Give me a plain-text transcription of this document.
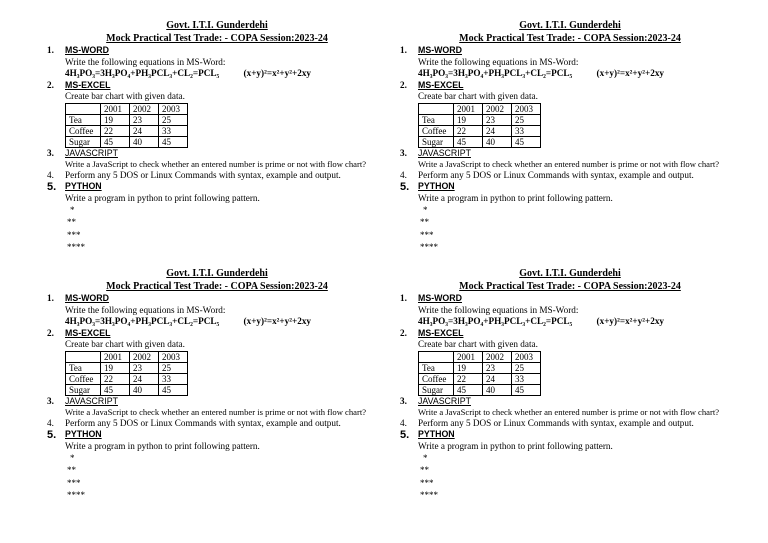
Govt. I.T.I. Gunderdehi
Mock Practical Test Trade: - COPA Session:2023-24
1. MS-WORD
Write the following equations in MS-Word:
4H₃PO₃=3H₃PO₄+PH₃PCL₃+CL₂=PCL₅	(x+y)²=x²+y²+2xy
2. MS-EXCEL
Create bar chart with given data.
	2001	2002	2003
Tea	19	23	25
Coffee	22	24	33
Sugar	45	40	45
3. JAVASCRIPT
Write a JavaScript to check whether an entered number is prime or not with flow chart?
4. Perform any 5 DOS or Linux Commands with syntax, example and output.
5. PYTHON
Write a program in python to print following pattern.
*
**
***
****
Govt. I.T.I. Gunderdehi
Mock Practical Test Trade: - COPA Session:2023-24
1. MS-WORD
Write the following equations in MS-Word:
4H₃PO₃=3H₃PO₄+PH₃PCL₃+CL₂=PCL₅	(x+y)²=x²+y²+2xy
2. MS-EXCEL
Create bar chart with given data.
	2001	2002	2003
Tea	19	23	25
Coffee	22	24	33
Sugar	45	40	45
3. JAVASCRIPT
Write a JavaScript to check whether an entered number is prime or not with flow chart?
4. Perform any 5 DOS or Linux Commands with syntax, example and output.
5. PYTHON
Write a program in python to print following pattern.
*
**
***
****
Govt. I.T.I. Gunderdehi
Mock Practical Test Trade: - COPA Session:2023-24
1. MS-WORD
Write the following equations in MS-Word:
4H₃PO₃=3H₃PO₄+PH₃PCL₃+CL₂=PCL₅	(x+y)²=x²+y²+2xy
2. MS-EXCEL
Create bar chart with given data.
	2001	2002	2003
Tea	19	23	25
Coffee	22	24	33
Sugar	45	40	45
3. JAVASCRIPT
Write a JavaScript to check whether an entered number is prime or not with flow chart?
4. Perform any 5 DOS or Linux Commands with syntax, example and output.
5. PYTHON
Write a program in python to print following pattern.
*
**
***
****
Govt. I.T.I. Gunderdehi
Mock Practical Test Trade: - COPA Session:2023-24
1. MS-WORD
Write the following equations in MS-Word:
4H₃PO₃=3H₃PO₄+PH₃PCL₃+CL₂=PCL₅	(x+y)²=x²+y²+2xy
2. MS-EXCEL
Create bar chart with given data.
	2001	2002	2003
Tea	19	23	25
Coffee	22	24	33
Sugar	45	40	45
3. JAVASCRIPT
Write a JavaScript to check whether an entered number is prime or not with flow chart?
4. Perform any 5 DOS or Linux Commands with syntax, example and output.
5. PYTHON
Write a program in python to print following pattern.
*
**
***
****
